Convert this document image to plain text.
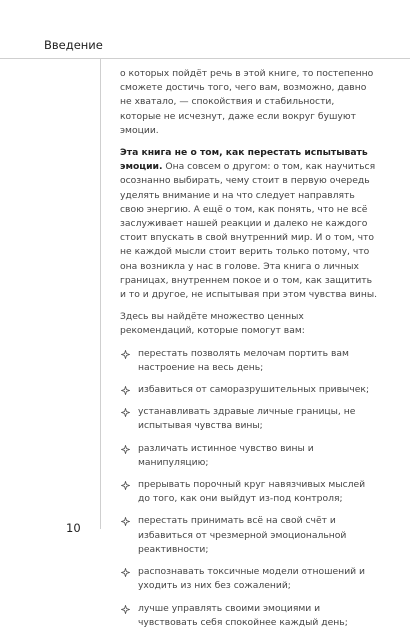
Введение

о которых пойдёт речь в этой книге, то постепенно сможете достичь того, чего вам, возможно, давно не хватало, — спокойствия и стабильности, которые не исчезнут, даже если вокруг бушуют эмоции.

Эта книга не о том, как перестать испытывать эмоции. Она совсем о другом: о том, как научиться осознанно выбирать, чему стоит в первую очередь уделять внимание и на что следует направлять свою энергию. А ещё о том, как понять, что не всё заслуживает нашей реакции и далеко не каждого стоит впускать в свой внутренний мир. И о том, что не каждой мысли стоит верить только потому, что она возникла у нас в голове. Эта книга о личных границах, внутреннем покое и о том, как защитить и то и другое, не испытывая при этом чувства вины.

Здесь вы найдёте множество ценных рекомендаций, которые помогут вам:

перестать позволять мелочам портить вам настроение на весь день;
избавиться от саморазрушительных привычек;
устанавливать здравые личные границы, не испытывая чувства вины;
различать истинное чувство вины и манипуляцию;
прерывать порочный круг навязчивых мыслей до того, как они выйдут из-под контроля;
перестать принимать всё на свой счёт и избавиться от чрезмерной эмоциональной реактивности;
распознавать токсичные модели отношений и уходить из них без сожалений;
лучше управлять своими эмоциями и чувствовать себя спокойнее каждый день;
10
